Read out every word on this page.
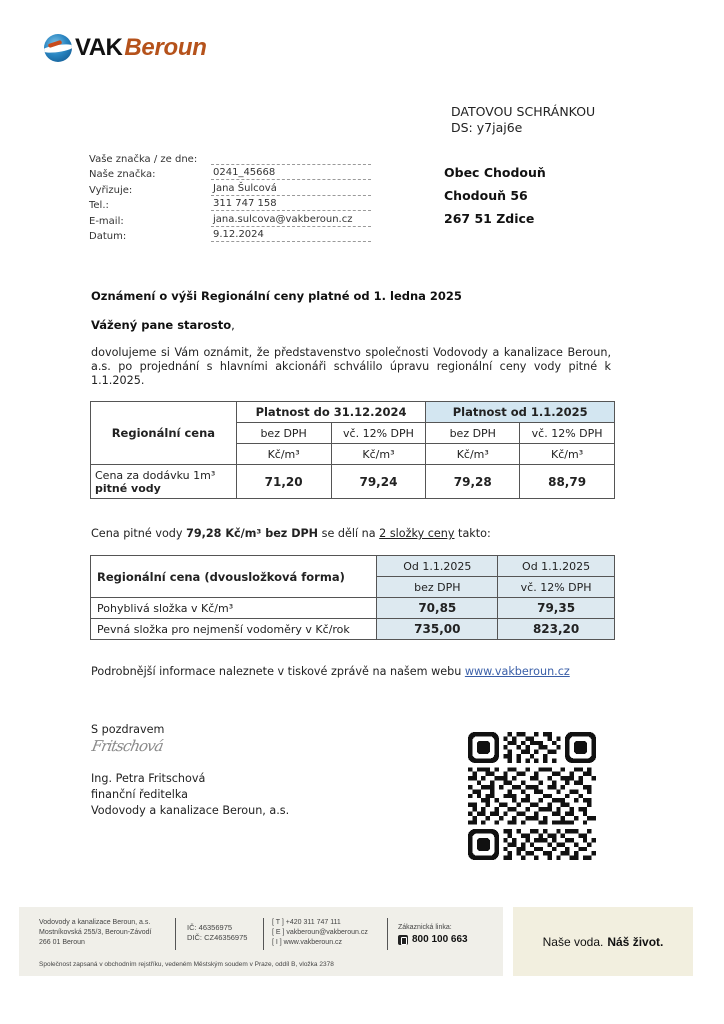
VAK Beroun
DATOVOU SCHRÁNKOU
DS: y7jaj6e
Obec Chodouň
Chodouň 56
267 51 Zdice
Vaše značka / ze dne:
Naše značka:	0241_45668
Vyřizuje:	Jana Šulcová
Tel.:	311 747 158
E-mail:	jana.sulcova@vakberoun.cz
Datum:	9.12.2024
Oznámení o výši Regionální ceny platné od 1. ledna 2025
Vážený pane starosto,
dovolujeme si Vám oznámit, že představenstvo společnosti Vodovody a kanalizace Beroun, a.s. po projednání s hlavními akcionáři schválilo úpravu regionální ceny vody pitné k 1.1.2025.
Regionální cena	Platnost do 31.12.2024		Platnost od 1.1.2025	
	bez DPH	vč. 12% DPH	bez DPH	vč. 12% DPH
	Kč/m³	Kč/m³	Kč/m³	Kč/m³

Cena za dodávku 1m³
pitné vody	71,20	79,24	79,28	88,79
Cena pitné vody 79,28 Kč/m³ bez DPH se dělí na 2 složky ceny takto:
Regionální cena (dvousložková forma)	Od 1.1.2025	Od 1.1.2025
	bez DPH	vč. 12% DPH
Pohyblivá složka v Kč/m³	70,85	79,35
Pevná složka pro nejmenší vodoměry v Kč/rok	735,00	823,20
Podrobnější informace naleznete v tiskové zprávě na našem webu www.vakberoun.cz
S pozdravem
Fritschová
Ing. Petra Fritschová
finanční ředitelka
Vodovody a kanalizace Beroun, a.s.
Vodovody a kanalizace Beroun, a.s.
Mostníkovská 255/3, Beroun-Závodí
266 01 Beroun
IČ: 46356975
DIČ: CZ46356975
[ T ] +420 311 747 111
[ E ] vakberoun@vakberoun.cz
[ I ] www.vakberoun.cz
Zákaznická linka:
800 100 663
Společnost zapsaná v obchodním rejstříku, vedeném Městským soudem v Praze, oddíl B, vložka 2378
Naše voda. Náš život.
